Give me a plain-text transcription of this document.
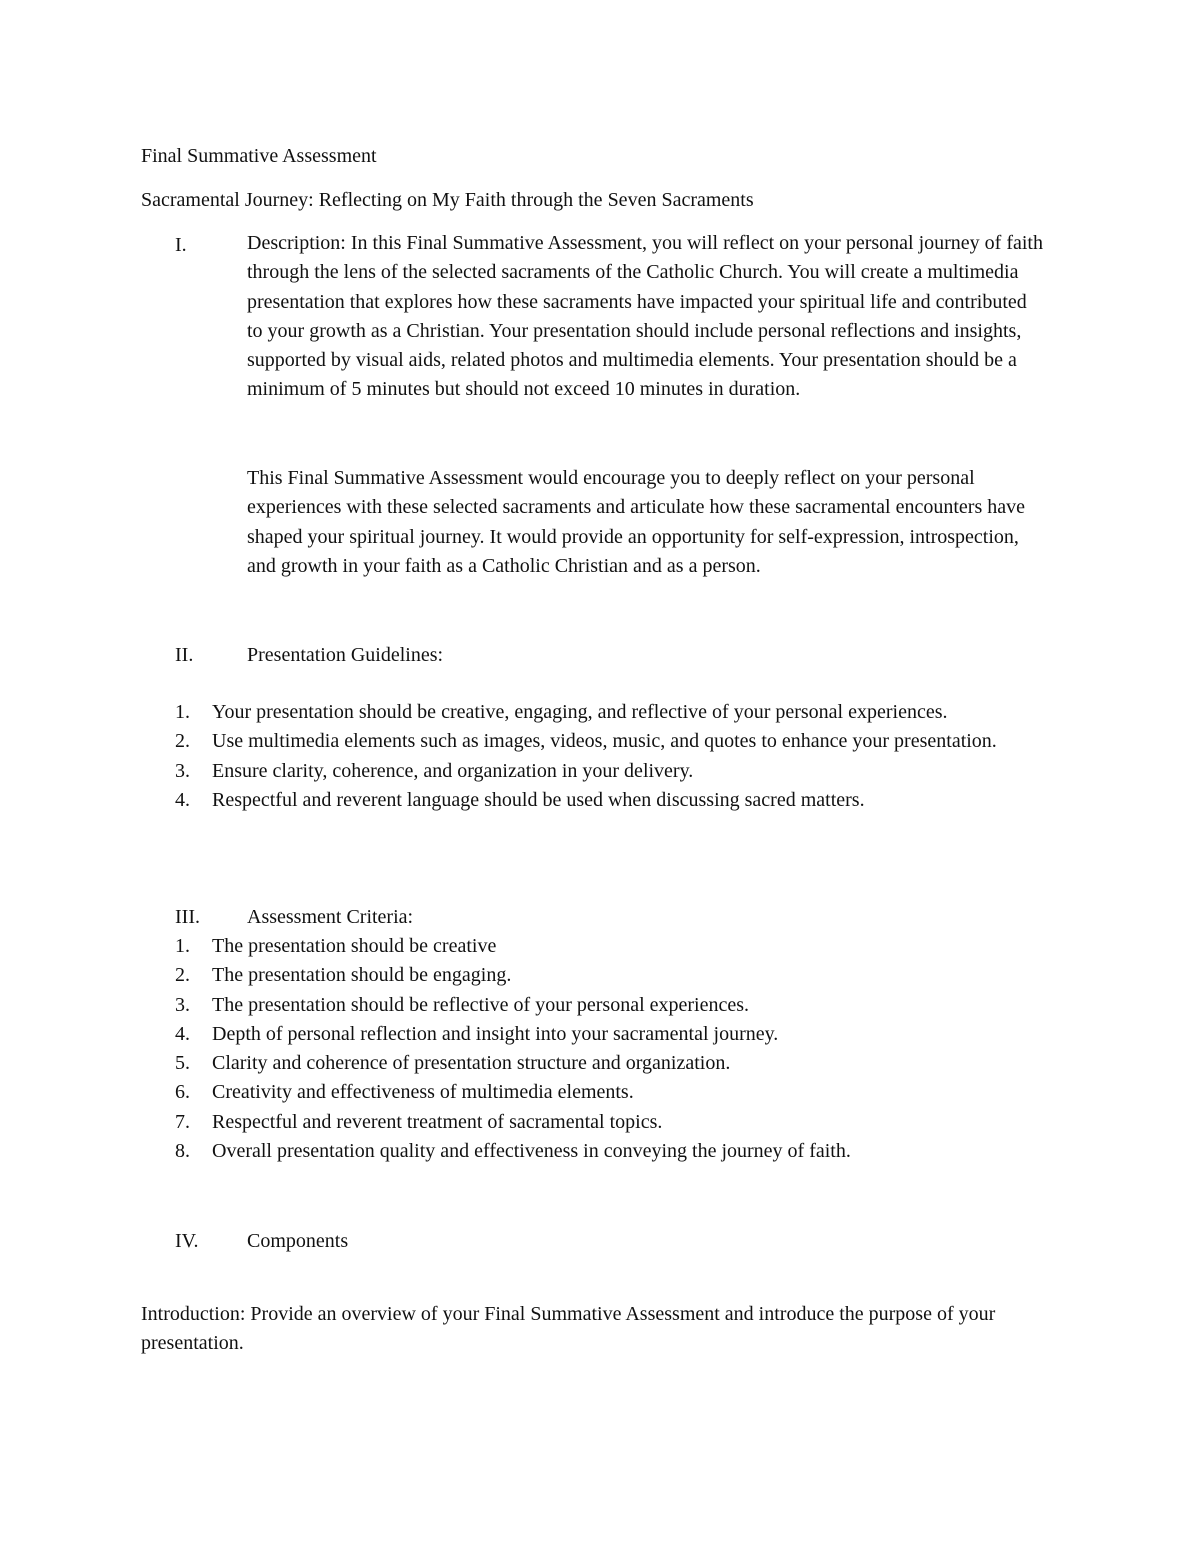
Final Summative Assessment
Sacramental Journey: Reflecting on My Faith through the Seven Sacraments
I.	Description: In this Final Summative Assessment, you will reflect on your personal journey of faith through the lens of the selected sacraments of the Catholic Church. You will create a multimedia presentation that explores how these sacraments have impacted your spiritual life and contributed to your growth as a Christian. Your presentation should include personal reflections and insights, supported by visual aids, related photos and multimedia elements. Your presentation should be a minimum of 5 minutes but should not exceed 10 minutes in duration.

This Final Summative Assessment would encourage you to deeply reflect on your personal experiences with these selected sacraments and articulate how these sacramental encounters have shaped your spiritual journey. It would provide an opportunity for self-expression, introspection, and growth in your faith as a Catholic Christian and as a person.

II.	Presentation Guidelines:
1. Your presentation should be creative, engaging, and reflective of your personal experiences.
2. Use multimedia elements such as images, videos, music, and quotes to enhance your presentation.
3. Ensure clarity, coherence, and organization in your delivery.
4. Respectful and reverent language should be used when discussing sacred matters.
III. Assessment Criteria:
1. The presentation should be creative
2. The presentation should be engaging.
3. The presentation should be reflective of your personal experiences.
4. Depth of personal reflection and insight into your sacramental journey.
5. Clarity and coherence of presentation structure and organization.
6. Creativity and effectiveness of multimedia elements.
7. Respectful and reverent treatment of sacramental topics.
8. Overall presentation quality and effectiveness in conveying the journey of faith.
IV. Components

Introduction: Provide an overview of your Final Summative Assessment and introduce the purpose of your presentation.
